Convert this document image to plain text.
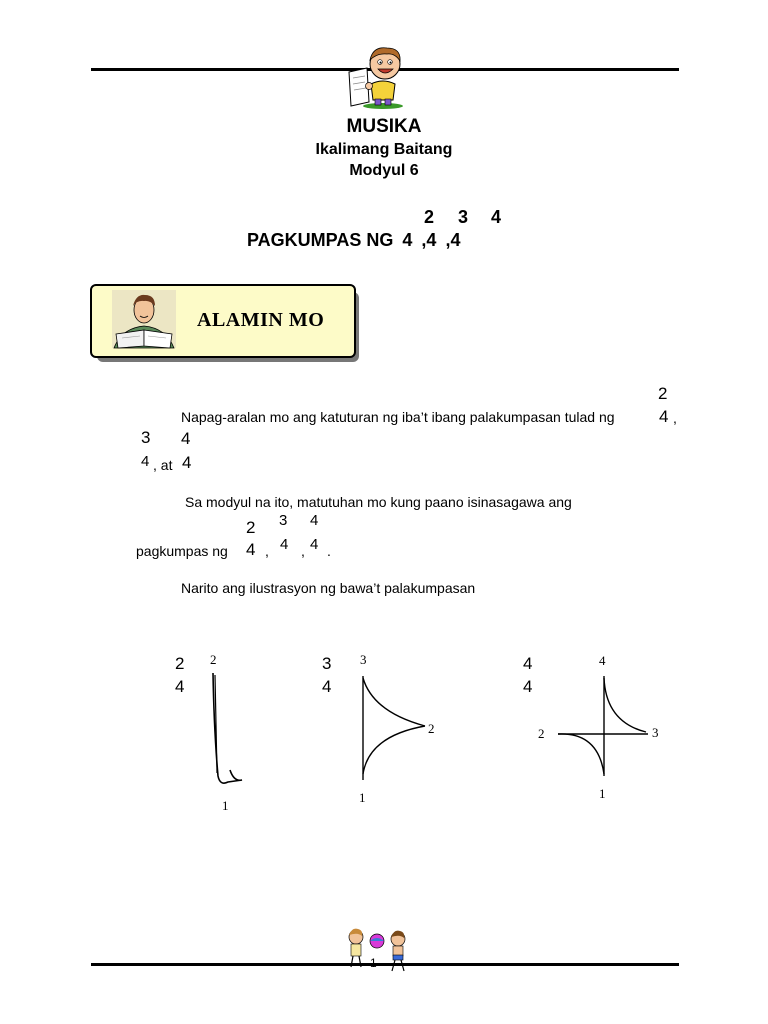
MUSIKA
Ikalimang Baitang
Modyul 6
2 3 4
PAGKUMPAS NG 4 ,4 ,4
ALAMIN MO
2
Napag-aralan mo ang katuturan ng iba’t ibang palakumpasan tulad ng	4 ,
3 4
4 , at 4
Sa modyul na ito, matutuhan mo kung paano isinasagawa ang
2 3 4
pagkumpas ng 4 , 4 , 4 .
Narito ang ilustrasyon ng bawa’t palakumpasan
2
4
2
1
3
4
3
2
1
4
4
4
2	3
1
1
